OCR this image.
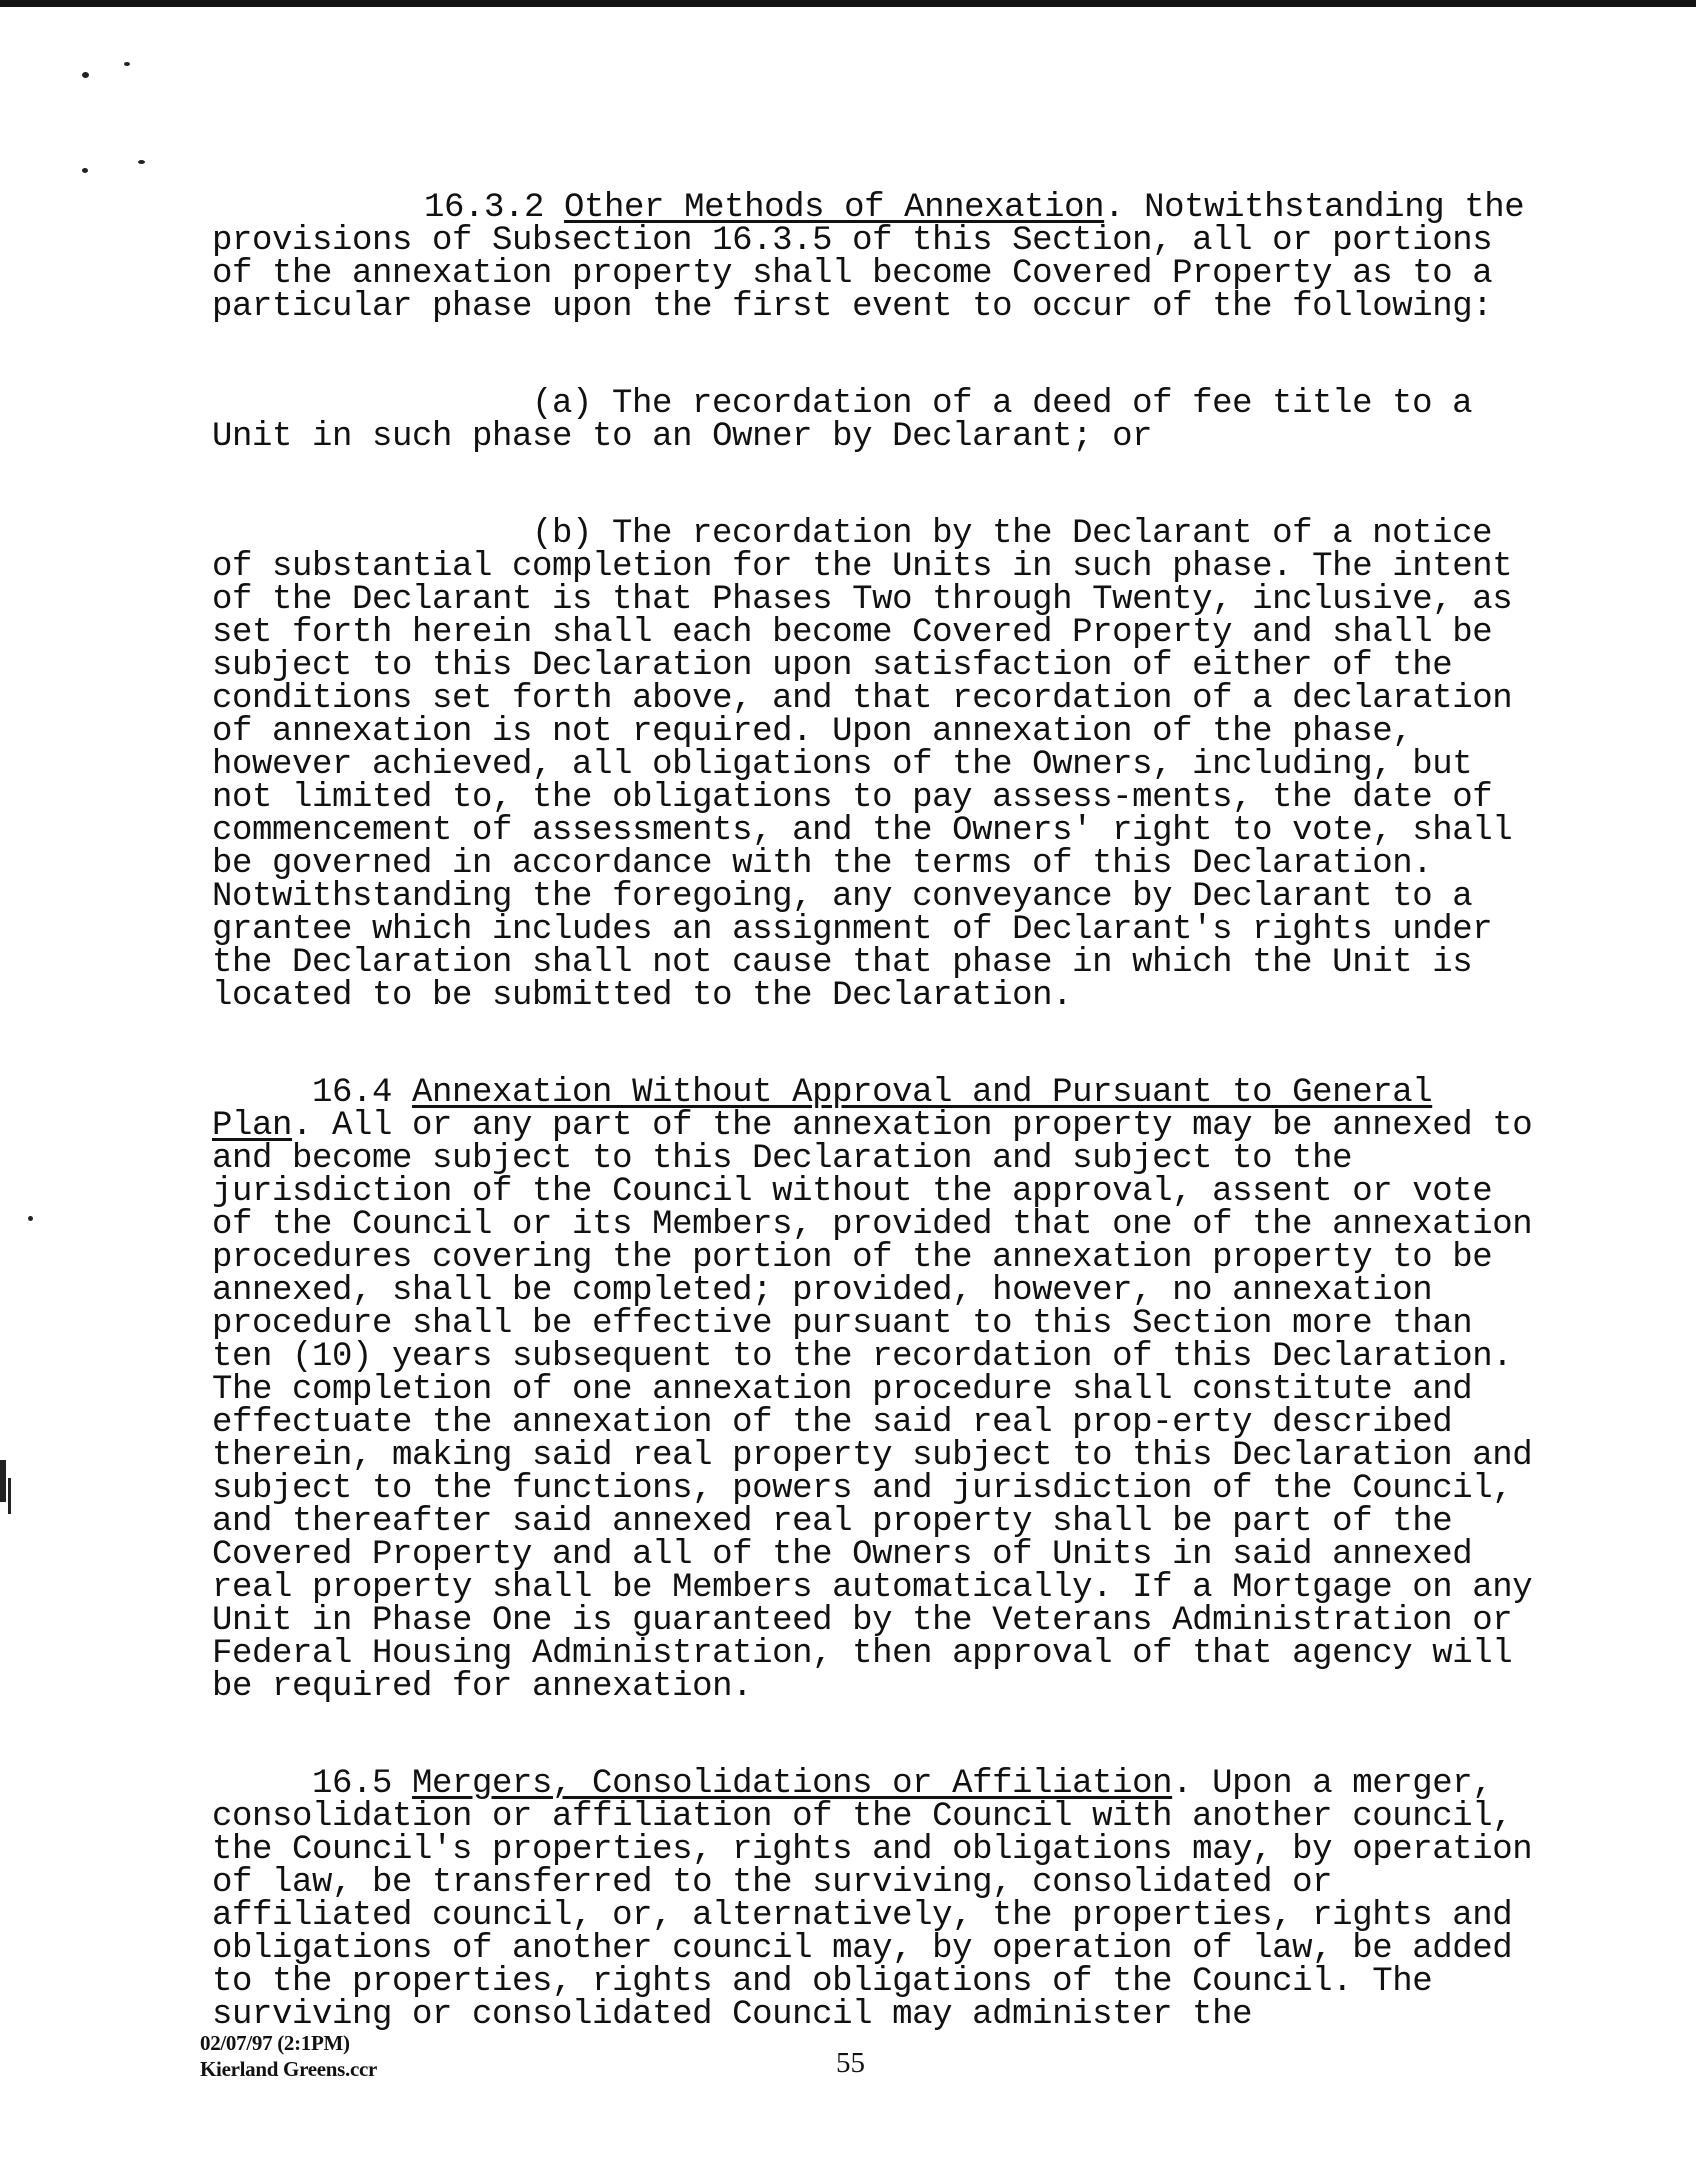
16.3.2 Other Methods of Annexation. Notwithstanding the provisions of Subsection 16.3.5 of this Section, all or portions of the annexation property shall become Covered Property as to a particular phase upon the first event to occur of the following:

(a) The recordation of a deed of fee title to a Unit in such phase to an Owner by Declarant; or

(b) The recordation by the Declarant of a notice of substantial completion for the Units in such phase. The intent of the Declarant is that Phases Two through Twenty, inclusive, as set forth herein shall each become Covered Property and shall be subject to this Declaration upon satisfaction of either of the conditions set forth above, and that recordation of a declaration of annexation is not required. Upon annexation of the phase, however achieved, all obligations of the Owners, including, but not limited to, the obligations to pay assess-ments, the date of commencement of assessments, and the Owners' right to vote, shall be governed in accordance with the terms of this Declaration. Notwithstanding the foregoing, any conveyance by Declarant to a grantee which includes an assignment of Declarant's rights under the Declaration shall not cause that phase in which the Unit is located to be submitted to the Declaration.

16.4 Annexation Without Approval and Pursuant to General Plan. All or any part of the annexation property may be annexed to and become subject to this Declaration and subject to the jurisdiction of the Council without the approval, assent or vote of the Council or its Members, provided that one of the annexation procedures covering the portion of the annexation property to be annexed, shall be completed; provided, however, no annexation procedure shall be effective pursuant to this Section more than ten (10) years subsequent to the recordation of this Declaration. The completion of one annexation procedure shall constitute and effectuate the annexation of the said real prop-erty described therein, making said real property subject to this Declaration and subject to the functions, powers and jurisdiction of the Council, and thereafter said annexed real property shall be part of the Covered Property and all of the Owners of Units in said annexed real property shall be Members automatically. If a Mortgage on any Unit in Phase One is guaranteed by the Veterans Administration or Federal Housing Administration, then approval of that agency will be required for annexation.

16.5 Mergers, Consolidations or Affiliation. Upon a merger, consolidation or affiliation of the Council with another council, the Council's properties, rights and obligations may, by operation of law, be transferred to the surviving, consolidated or affiliated council, or, alternatively, the properties, rights and obligations of another council may, by operation of law, be added to the properties, rights and obligations of the Council. The surviving or consolidated Council may administer the

02/07/97 (2:1PM)
Kierland Greens.ccr	55
